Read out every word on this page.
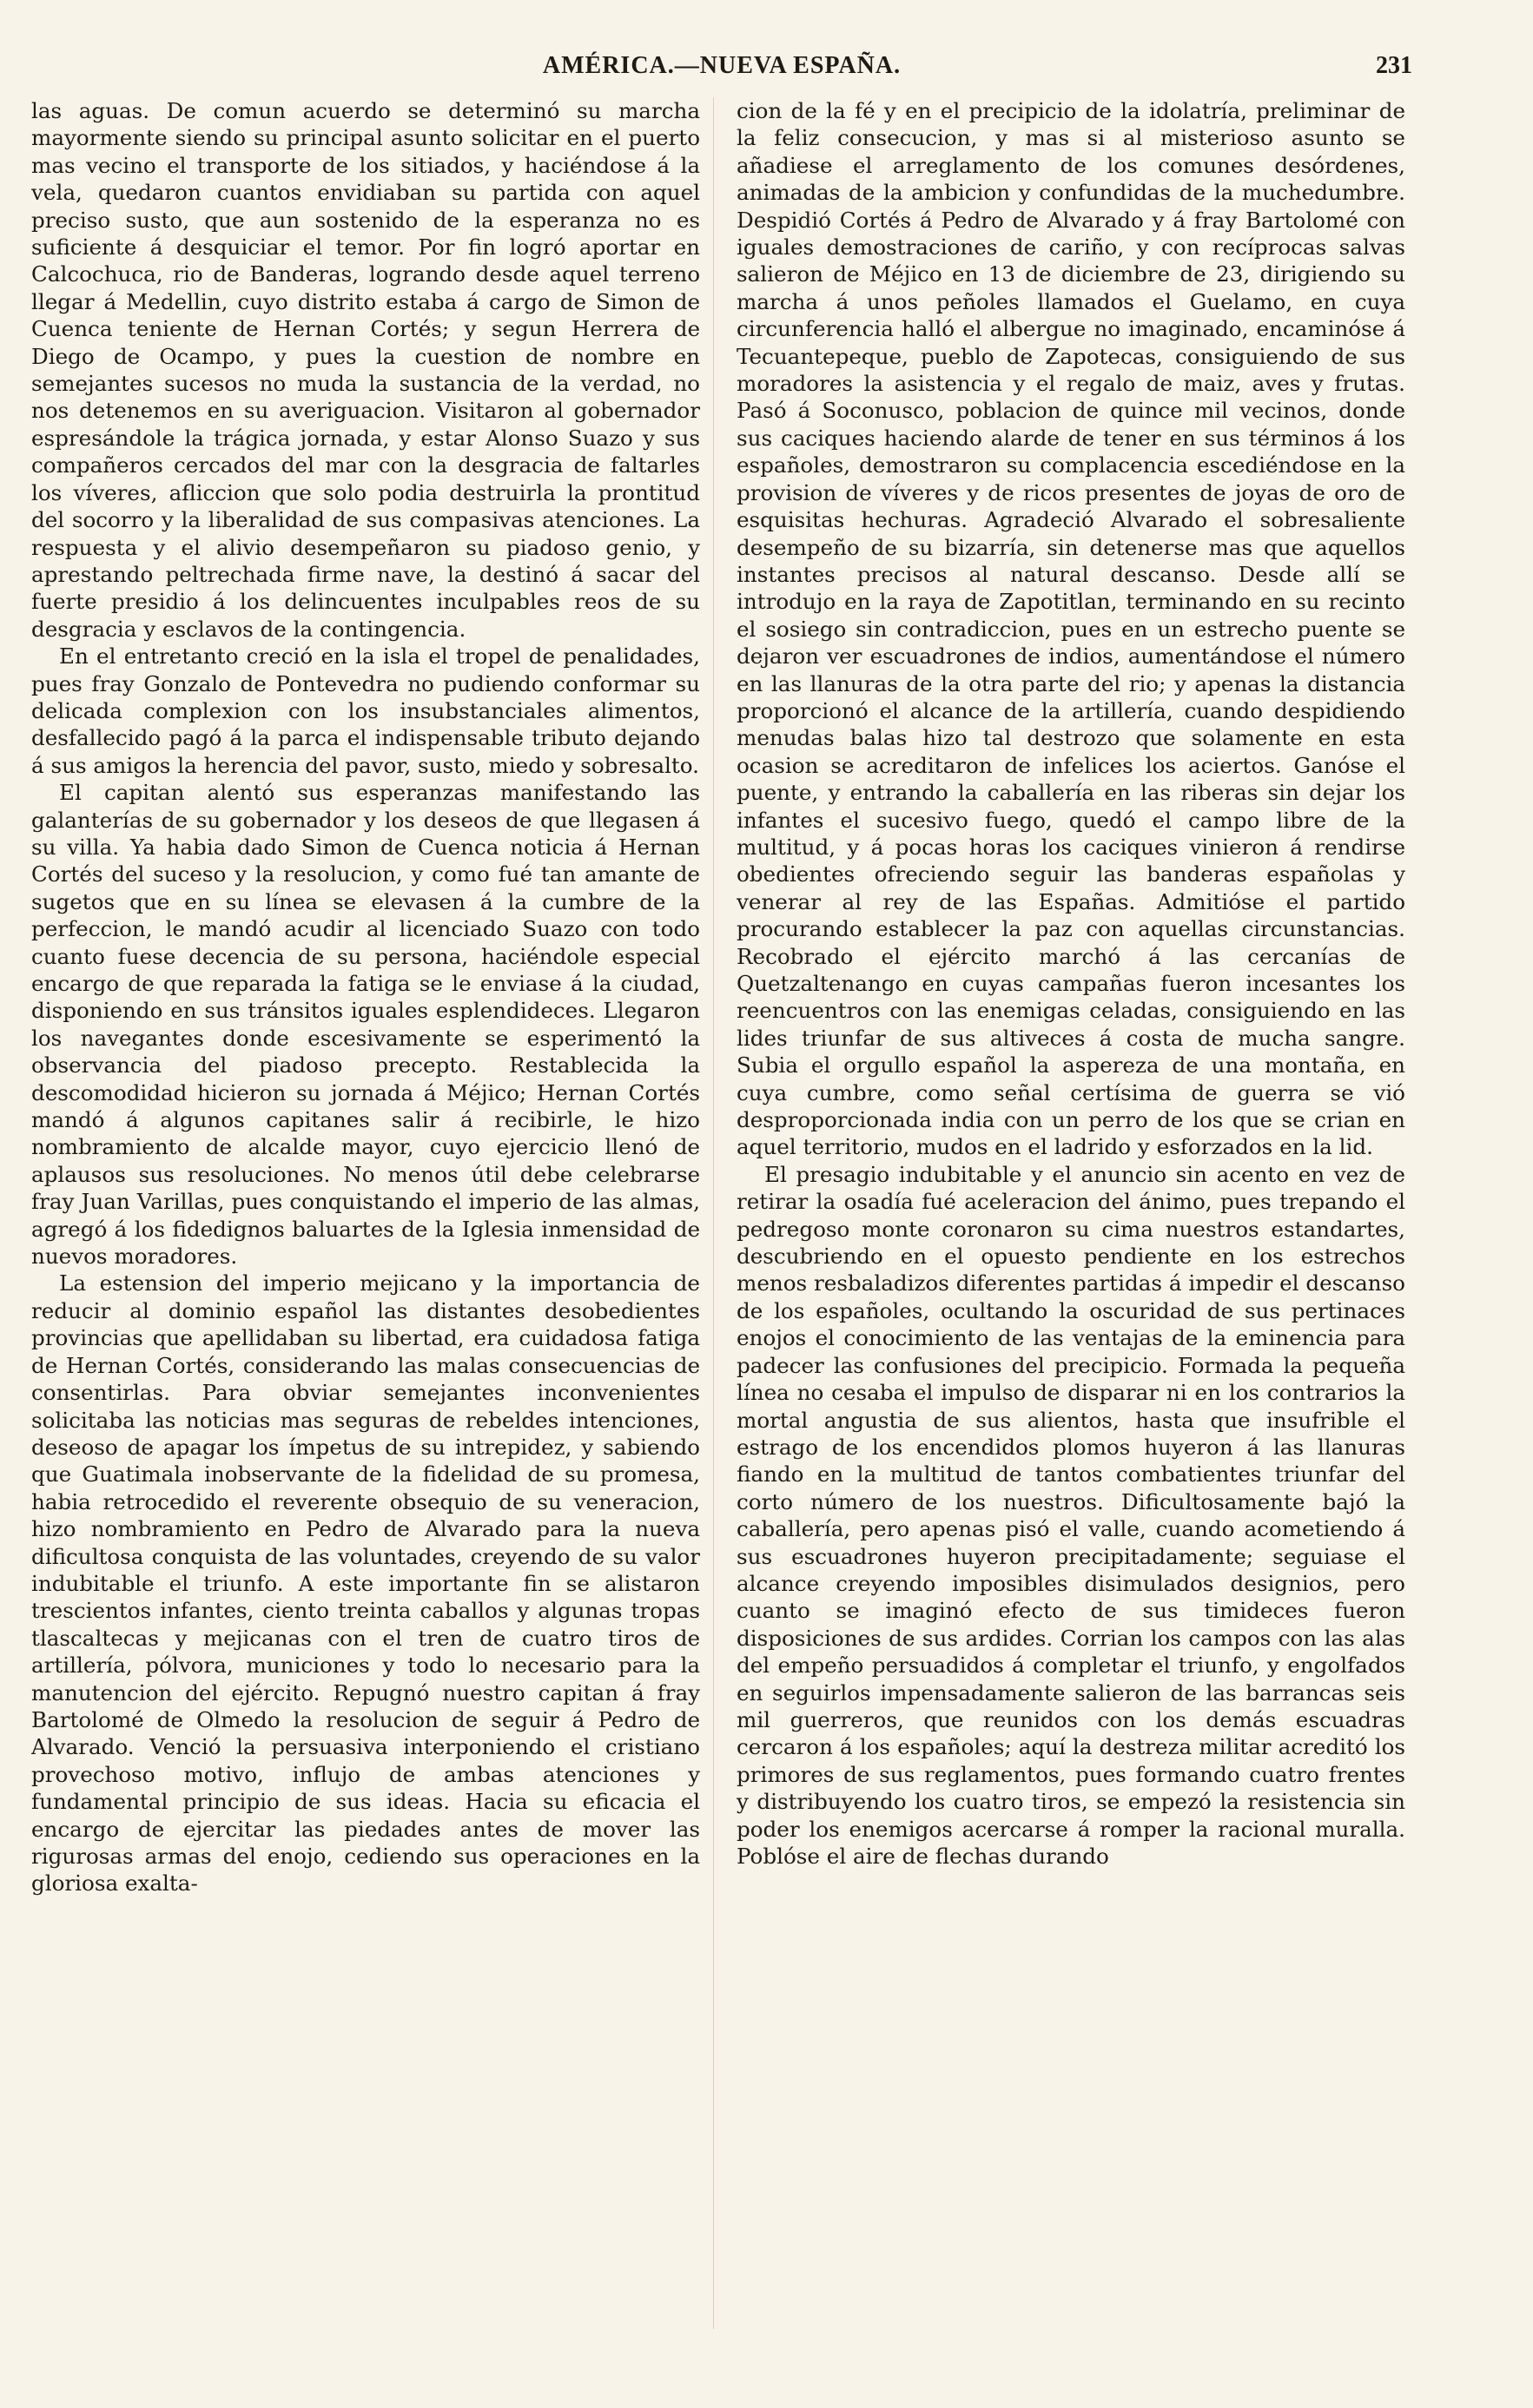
AMÉRICA.—NUEVA ESPAÑA.	231

las aguas. De comun acuerdo se determinó su marcha mayormente siendo su principal asunto solicitar en el puerto mas vecino el transporte de los sitiados, y haciéndose á la vela, quedaron cuantos envidiaban su partida con aquel preciso susto, que aun sostenido de la esperanza no es suficiente á desquiciar el temor. Por fin logró aportar en Calcochuca, rio de Banderas, logrando desde aquel terreno llegar á Medellin, cuyo distrito estaba á cargo de Simon de Cuenca teniente de Hernan Cortés; y segun Herrera de Diego de Ocampo, y pues la cuestion de nombre en semejantes sucesos no muda la sustancia de la verdad, no nos detenemos en su averiguacion. Visitaron al gobernador espresándole la trágica jornada, y estar Alonso Suazo y sus compañeros cercados del mar con la desgracia de faltarles los víveres, afliccion que solo podia destruirla la prontitud del socorro y la liberalidad de sus compasivas atenciones. La respuesta y el alivio desempeñaron su piadoso genio, y aprestando peltrechada firme nave, la destinó á sacar del fuerte presidio á los delincuentes inculpables reos de su desgracia y esclavos de la contingencia.

En el entretanto creció en la isla el tropel de penalidades, pues fray Gonzalo de Pontevedra no pudiendo conformar su delicada complexion con los insubstanciales alimentos, desfallecido pagó á la parca el indispensable tributo dejando á sus amigos la herencia del pavor, susto, miedo y sobresalto.

El capitan alentó sus esperanzas manifestando las galanterías de su gobernador y los deseos de que llegasen á su villa. Ya habia dado Simon de Cuenca noticia á Hernan Cortés del suceso y la resolucion, y como fué tan amante de sugetos que en su línea se elevasen á la cumbre de la perfeccion, le mandó acudir al licenciado Suazo con todo cuanto fuese decencia de su persona, haciéndole especial encargo de que reparada la fatiga se le enviase á la ciudad, disponiendo en sus tránsitos iguales esplendideces. Llegaron los navegantes donde escesivamente se esperimentó la observancia del piadoso precepto. Restablecida la descomodidad hicieron su jornada á Méjico; Hernan Cortés mandó á algunos capitanes salir á recibirle, le hizo nombramiento de alcalde mayor, cuyo ejercicio llenó de aplausos sus resoluciones. No menos útil debe celebrarse fray Juan Varillas, pues conquistando el imperio de las almas, agregó á los fidedignos baluartes de la Iglesia inmensidad de nuevos moradores.

La estension del imperio mejicano y la importancia de reducir al dominio español las distantes desobedientes provincias que apellidaban su libertad, era cuidadosa fatiga de Hernan Cortés, considerando las malas consecuencias de consentirlas. Para obviar semejantes inconvenientes solicitaba las noticias mas seguras de rebeldes intenciones, deseoso de apagar los ímpetus de su intrepidez, y sabiendo que Guatimala inobservante de la fidelidad de su promesa, habia retrocedido el reverente obsequio de su veneracion, hizo nombramiento en Pedro de Alvarado para la nueva dificultosa conquista de las voluntades, creyendo de su valor indubitable el triunfo. A este importante fin se alistaron trescientos infantes, ciento treinta caballos y algunas tropas tlascaltecas y mejicanas con el tren de cuatro tiros de artillería, pólvora, municiones y todo lo necesario para la manutencion del ejército. Repugnó nuestro capitan á fray Bartolomé de Olmedo la resolucion de seguir á Pedro de Alvarado. Venció la persuasiva interponiendo el cristiano provechoso motivo, influjo de ambas atenciones y fundamental principio de sus ideas. Hacia su eficacia el encargo de ejercitar las piedades antes de mover las rigurosas armas del enojo, cediendo sus operaciones en la gloriosa exalta-

cion de la fé y en el precipicio de la idolatría, preliminar de la feliz consecucion, y mas si al misterioso asunto se añadiese el arreglamento de los comunes desórdenes, animadas de la ambicion y confundidas de la muchedumbre. Despidió Cortés á Pedro de Alvarado y á fray Bartolomé con iguales demostraciones de cariño, y con recíprocas salvas salieron de Méjico en 13 de diciembre de 23, dirigiendo su marcha á unos peñoles llamados el Guelamo, en cuya circunferencia halló el albergue no imaginado, encaminóse á Tecuantepeque, pueblo de Zapotecas, consiguiendo de sus moradores la asistencia y el regalo de maiz, aves y frutas. Pasó á Soconusco, poblacion de quince mil vecinos, donde sus caciques haciendo alarde de tener en sus términos á los españoles, demostraron su complacencia escediéndose en la provision de víveres y de ricos presentes de joyas de oro de esquisitas hechuras. Agradeció Alvarado el sobresaliente desempeño de su bizarría, sin detenerse mas que aquellos instantes precisos al natural descanso. Desde allí se introdujo en la raya de Zapotitlan, terminando en su recinto el sosiego sin contradiccion, pues en un estrecho puente se dejaron ver escuadrones de indios, aumentándose el número en las llanuras de la otra parte del rio; y apenas la distancia proporcionó el alcance de la artillería, cuando despidiendo menudas balas hizo tal destrozo que solamente en esta ocasion se acreditaron de infelices los aciertos. Ganóse el puente, y entrando la caballería en las riberas sin dejar los infantes el sucesivo fuego, quedó el campo libre de la multitud, y á pocas horas los caciques vinieron á rendirse obedientes ofreciendo seguir las banderas españolas y venerar al rey de las Españas. Admitióse el partido procurando establecer la paz con aquellas circunstancias. Recobrado el ejército marchó á las cercanías de Quetzaltenango en cuyas campañas fueron incesantes los reencuentros con las enemigas celadas, consiguiendo en las lides triunfar de sus altiveces á costa de mucha sangre. Subia el orgullo español la aspereza de una montaña, en cuya cumbre, como señal certísima de guerra se vió desproporcionada india con un perro de los que se crian en aquel territorio, mudos en el ladrido y esforzados en la lid.

El presagio indubitable y el anuncio sin acento en vez de retirar la osadía fué aceleracion del ánimo, pues trepando el pedregoso monte coronaron su cima nuestros estandartes, descubriendo en el opuesto pendiente en los estrechos menos resbaladizos diferentes partidas á impedir el descanso de los españoles, ocultando la oscuridad de sus pertinaces enojos el conocimiento de las ventajas de la eminencia para padecer las confusiones del precipicio. Formada la pequeña línea no cesaba el impulso de disparar ni en los contrarios la mortal angustia de sus alientos, hasta que insufrible el estrago de los encendidos plomos huyeron á las llanuras fiando en la multitud de tantos combatientes triunfar del corto número de los nuestros. Dificultosamente bajó la caballería, pero apenas pisó el valle, cuando acometiendo á sus escuadrones huyeron precipitadamente; seguiase el alcance creyendo imposibles disimulados designios, pero cuanto se imaginó efecto de sus timideces fueron disposiciones de sus ardides. Corrian los campos con las alas del empeño persuadidos á completar el triunfo, y engolfados en seguirlos impensadamente salieron de las barrancas seis mil guerreros, que reunidos con los demás escuadras cercaron á los españoles; aquí la destreza militar acreditó los primores de sus reglamentos, pues formando cuatro frentes y distribuyendo los cuatro tiros, se empezó la resistencia sin poder los enemigos acercarse á romper la racional muralla. Poblóse el aire de flechas durando
